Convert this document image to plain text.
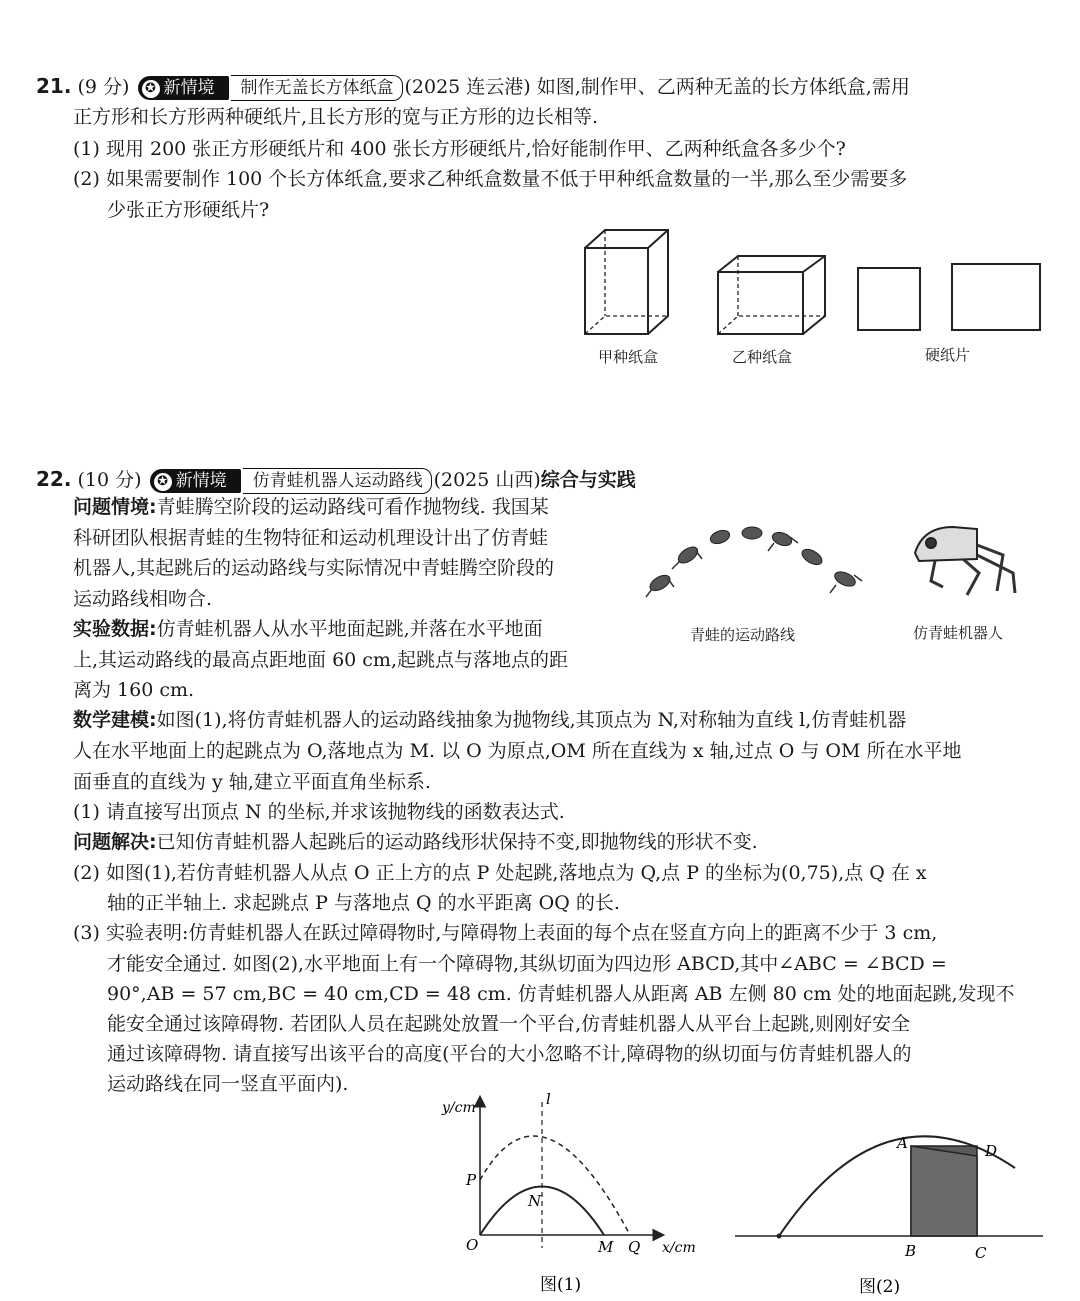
21. (9 分) ✪ 新情境 制作无盖长方体纸盒 (2025 连云港) 如图,制作甲、乙两种无盖的长方体纸盒,需用
正方形和长方形两种硬纸片,且长方形的宽与正方形的边长相等.
(1) 现用 200 张正方形硬纸片和 400 张长方形硬纸片,恰好能制作甲、乙两种纸盒各多少个?
(2) 如果需要制作 100 个长方体纸盒,要求乙种纸盒数量不低于甲种纸盒数量的一半,那么至少需要多
少张正方形硬纸片?
甲种纸盒	乙种纸盒	硬纸片
22. (10 分) ✪ 新情境 仿青蛙机器人运动路线 (2025 山西)综合与实践
问题情境:青蛙腾空阶段的运动路线可看作抛物线. 我国某
科研团队根据青蛙的生物特征和运动机理设计出了仿青蛙
机器人,其起跳后的运动路线与实际情况中青蛙腾空阶段的
运动路线相吻合.
实验数据:仿青蛙机器人从水平地面起跳,并落在水平地面
上,其运动路线的最高点距地面 60 cm,起跳点与落地点的距
离为 160 cm.
青蛙的运动路线	仿青蛙机器人
数学建模:如图(1),将仿青蛙机器人的运动路线抽象为抛物线,其顶点为 N,对称轴为直线 l,仿青蛙机器
人在水平地面上的起跳点为 O,落地点为 M. 以 O 为原点,OM 所在直线为 x 轴,过点 O 与 OM 所在水平地
面垂直的直线为 y 轴,建立平面直角坐标系.
(1) 请直接写出顶点 N 的坐标,并求该抛物线的函数表达式.
问题解决:已知仿青蛙机器人起跳后的运动路线形状保持不变,即抛物线的形状不变.
(2) 如图(1),若仿青蛙机器人从点 O 正上方的点 P 处起跳,落地点为 Q,点 P 的坐标为(0,75),点 Q 在 x
轴的正半轴上. 求起跳点 P 与落地点 Q 的水平距离 OQ 的长.
(3) 实验表明:仿青蛙机器人在跃过障碍物时,与障碍物上表面的每个点在竖直方向上的距离不少于 3 cm,
才能安全通过. 如图(2),水平地面上有一个障碍物,其纵切面为四边形 ABCD,其中∠ABC = ∠BCD =
90°,AB = 57 cm,BC = 40 cm,CD = 48 cm. 仿青蛙机器人从距离 AB 左侧 80 cm 处的地面起跳,发现不
能安全通过该障碍物. 若团队人员在起跳处放置一个平台,仿青蛙机器人从平台上起跳,则刚好安全
通过该障碍物. 请直接写出该平台的高度(平台的大小忽略不计,障碍物的纵切面与仿青蛙机器人的
运动路线在同一竖直平面内).
y/cm	l
P
N
O	M Q x/cm
图(1)
A	D
B	C
图(2)
